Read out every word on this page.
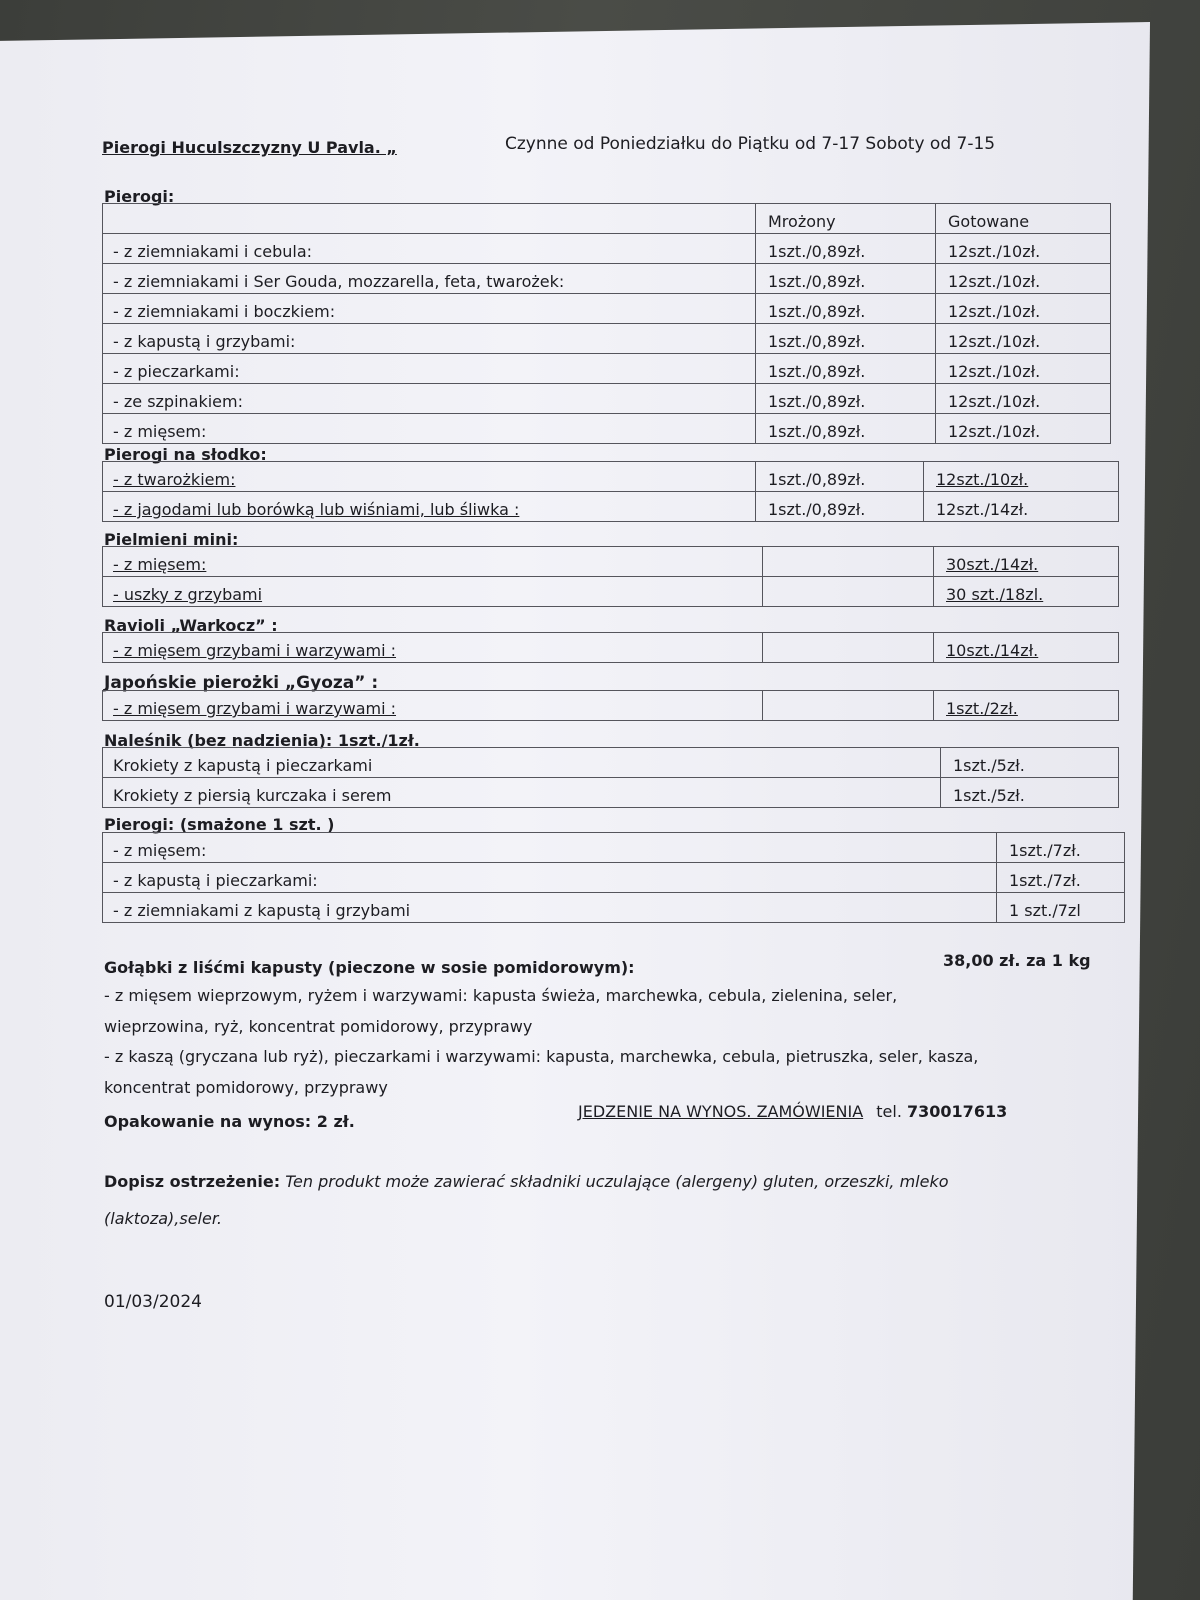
Pierogi Huculszczyzny U Pavla. „	Czynne od Poniedziałku do Piątku od 7-17 Soboty od 7-15
Pierogi:
	Mrożony	Gotowane
- z ziemniakami i cebula:	1szt./0,89zł.	12szt./10zł.
- z ziemniakami i Ser Gouda, mozzarella, feta, twarożek:	1szt./0,89zł.	12szt./10zł.
- z ziemniakami i boczkiem:	1szt./0,89zł.	12szt./10zł.
- z kapustą i grzybami:	1szt./0,89zł.	12szt./10zł.
- z pieczarkami:	1szt./0,89zł.	12szt./10zł.
- ze szpinakiem:	1szt./0,89zł.	12szt./10zł.
- z mięsem:	1szt./0,89zł.	12szt./10zł.
Pierogi na słodko:
- z twarożkiem:	1szt./0,89zł.	12szt./10zł.
- z jagodami lub borówką lub wiśniami, lub śliwka :	1szt./0,89zł.	12szt./14zł.
Pielmieni mini:
- z mięsem:		30szt./14zł.
- uszky z grzybami		30 szt./18zl.
Ravioli „Warkocz” :
- z mięsem grzybami i warzywami :		10szt./14zł.
Japońskie pierożki „Gyoza” :
- z mięsem grzybami i warzywami :		1szt./2zł.
Naleśnik (bez nadzienia): 1szt./1zł.
Krokiety z kapustą i pieczarkami	1szt./5zł.
Krokiety z piersią kurczaka i serem	1szt./5zł.
Pierogi: (smażone 1 szt. )
- z mięsem:	1szt./7zł.
- z kapustą i pieczarkami:	1szt./7zł.
- z ziemniakami z kapustą i grzybami	1 szt./7zl
Gołąbki z liśćmi kapusty (pieczone w sosie pomidorowym):	38,00 zł. za 1 kg
- z mięsem wieprzowym, ryżem i warzywami: kapusta świeża, marchewka, cebula, zielenina, seler,
wieprzowina, ryż, koncentrat pomidorowy, przyprawy
- z kaszą (gryczana lub ryż), pieczarkami i warzywami: kapusta, marchewka, cebula, pietruszka, seler, kasza,
koncentrat pomidorowy, przyprawy
Opakowanie na wynos: 2 zł.
JEDZENIE NA WYNOS. ZAMÓWIENIA tel. 730017613
Dopisz ostrzeżenie: Ten produkt może zawierać składniki uczulające (alergeny) gluten, orzeszki, mleko
(laktoza),seler.
01/03/2024
